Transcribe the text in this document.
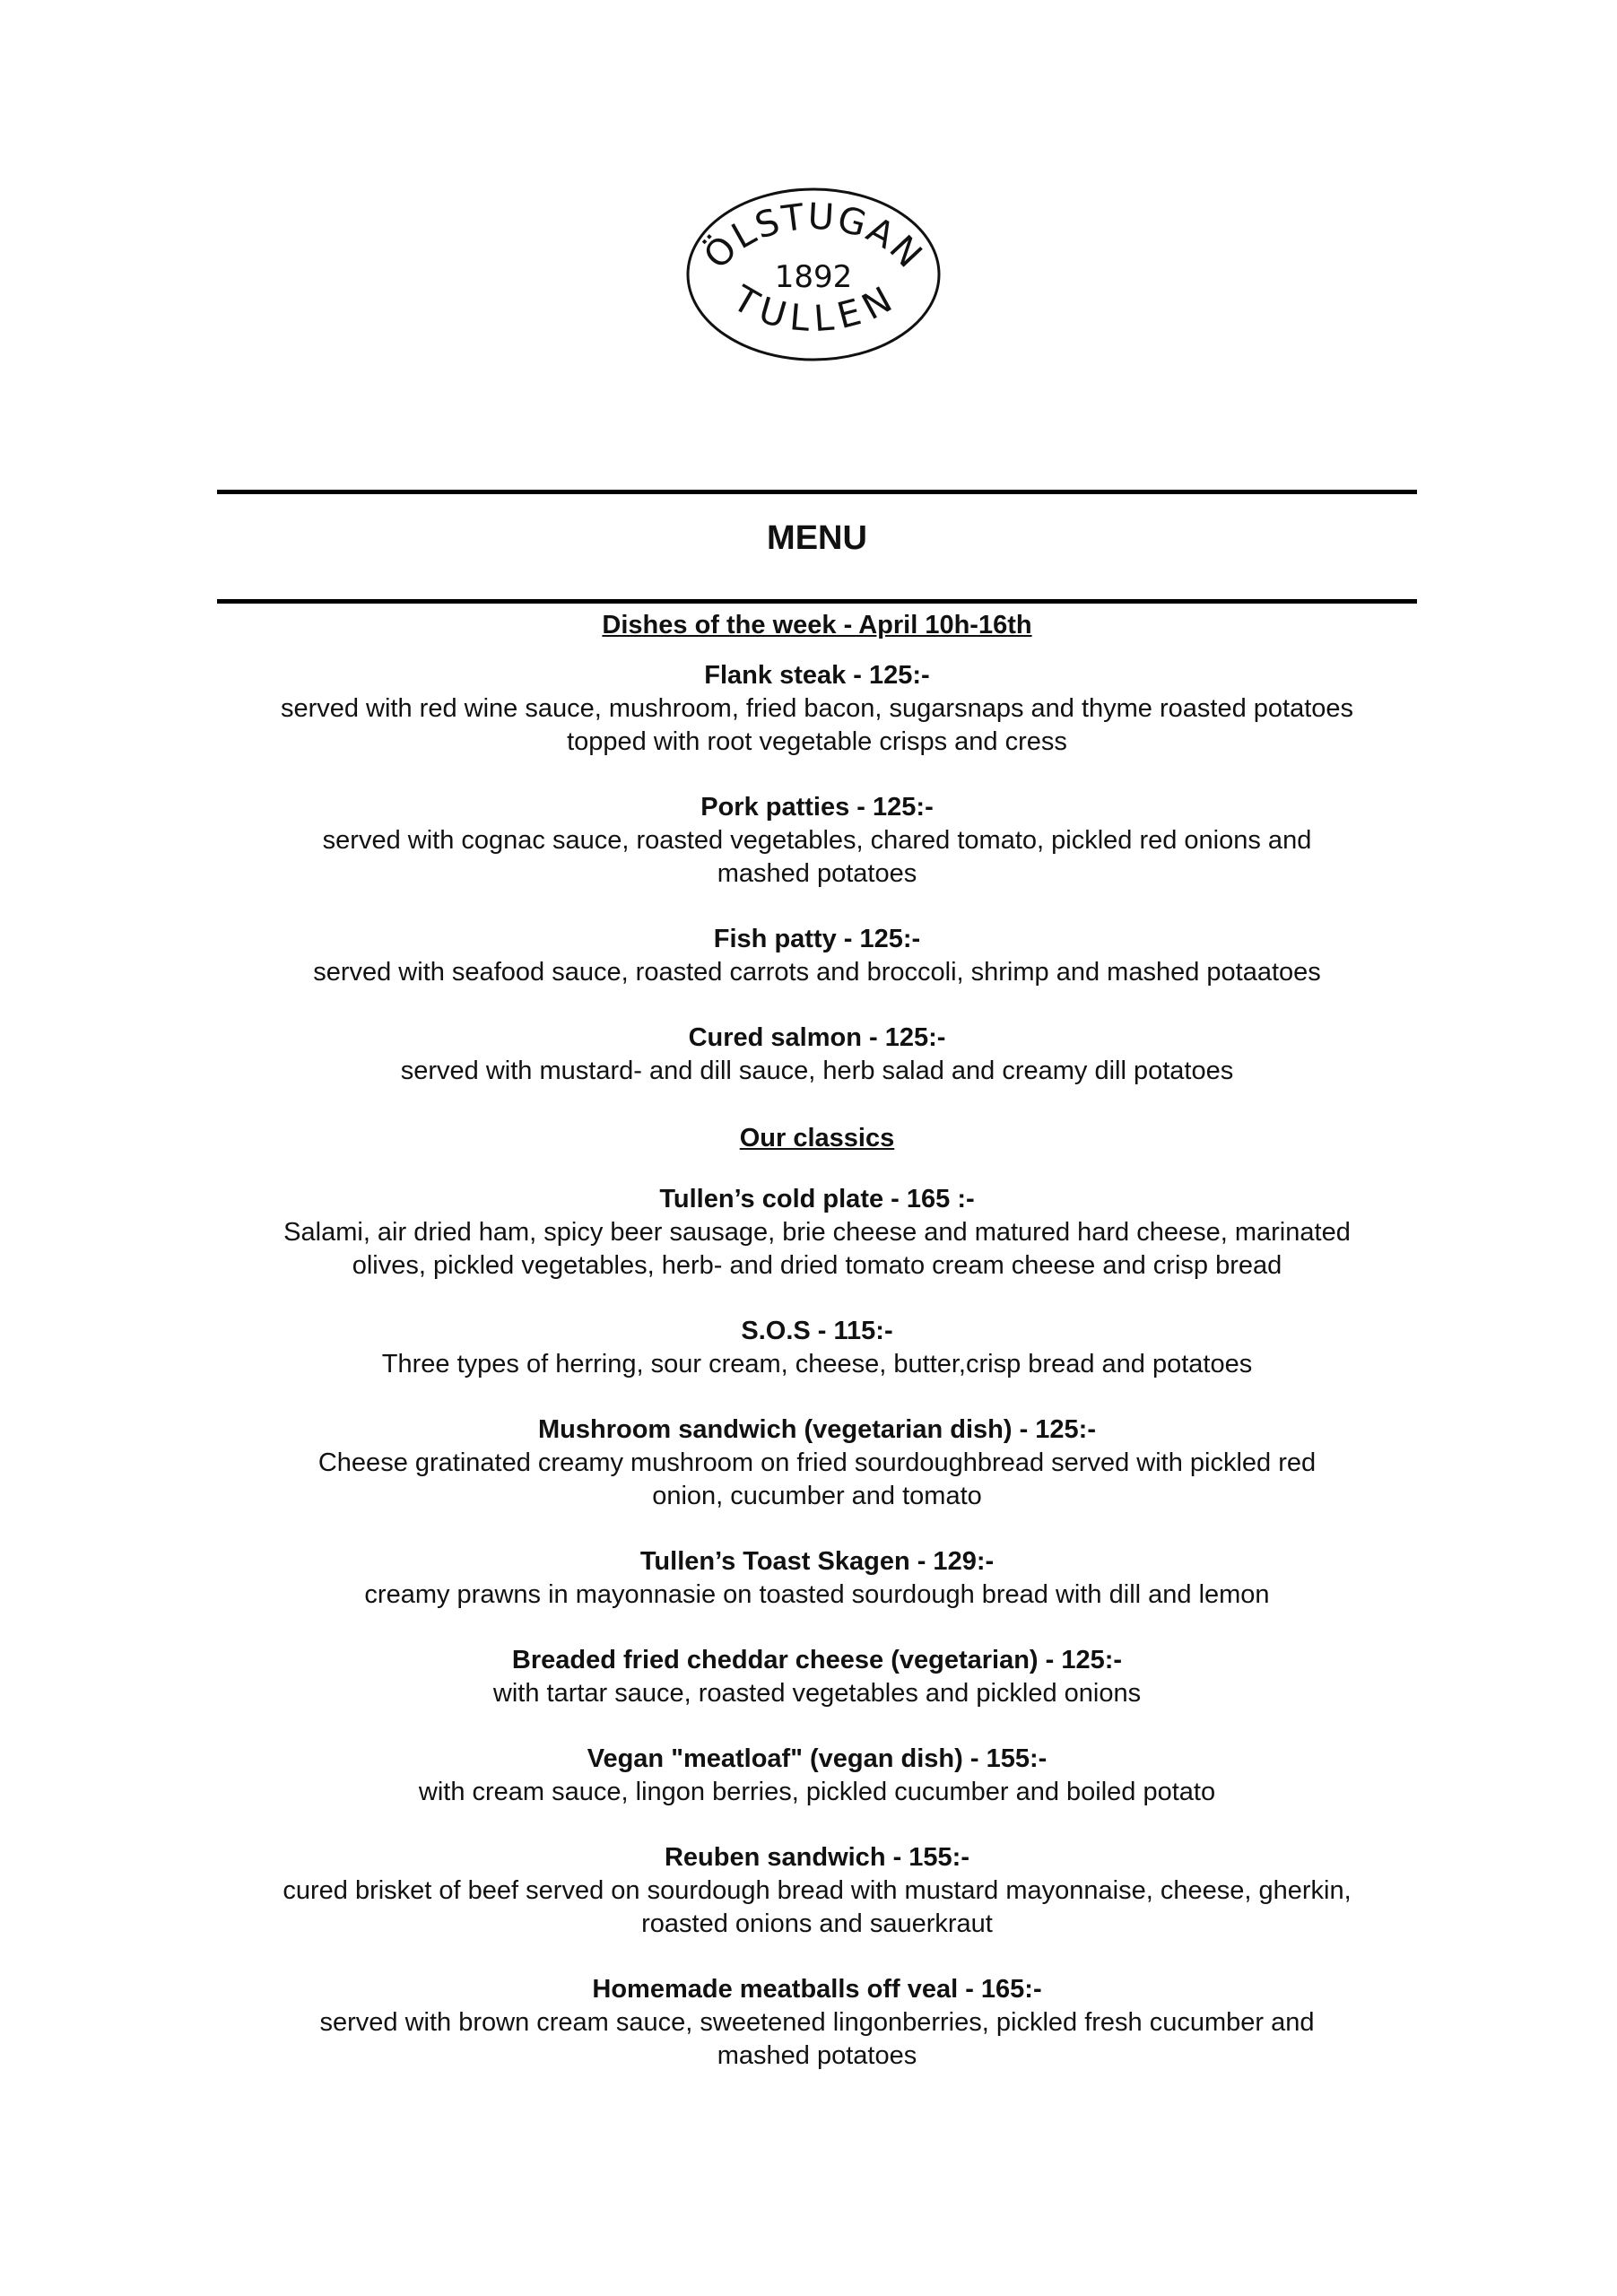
ÖLSTUGAN
1892
TULLEN
MENU
Dishes of the week - April 10h-16th
Flank steak - 125:-
served with red wine sauce, mushroom, fried bacon, sugarsnaps and thyme roasted potatoes topped with root vegetable crisps and cress
Pork patties - 125:-
served with cognac sauce, roasted vegetables, chared tomato, pickled red onions and mashed potatoes
Fish patty - 125:-
served with seafood sauce, roasted carrots and broccoli, shrimp and mashed potaatoes
Cured salmon - 125:-
served with mustard- and dill sauce, herb salad and creamy dill potatoes
Our classics
Tullen’s cold plate - 165 :-
Salami, air dried ham, spicy beer sausage, brie cheese and matured hard cheese, marinated olives, pickled vegetables, herb- and dried tomato cream cheese and crisp bread
S.O.S - 115:-
Three types of herring, sour cream, cheese, butter,crisp bread and potatoes
Mushroom sandwich (vegetarian dish) - 125:-
Cheese gratinated creamy mushroom on fried sourdoughbread served with pickled red onion, cucumber and tomato
Tullen’s Toast Skagen - 129:-
creamy prawns in mayonnasie on toasted sourdough bread with dill and lemon
Breaded fried cheddar cheese (vegetarian) - 125:-
with tartar sauce, roasted vegetables and pickled onions
Vegan "meatloaf" (vegan dish) - 155:-
with cream sauce, lingon berries, pickled cucumber and boiled potato
Reuben sandwich - 155:-
cured brisket of beef served on sourdough bread with mustard mayonnaise, cheese, gherkin, roasted onions and sauerkraut
Homemade meatballs off veal - 165:-
served with brown cream sauce, sweetened lingonberries, pickled fresh cucumber and mashed potatoes
